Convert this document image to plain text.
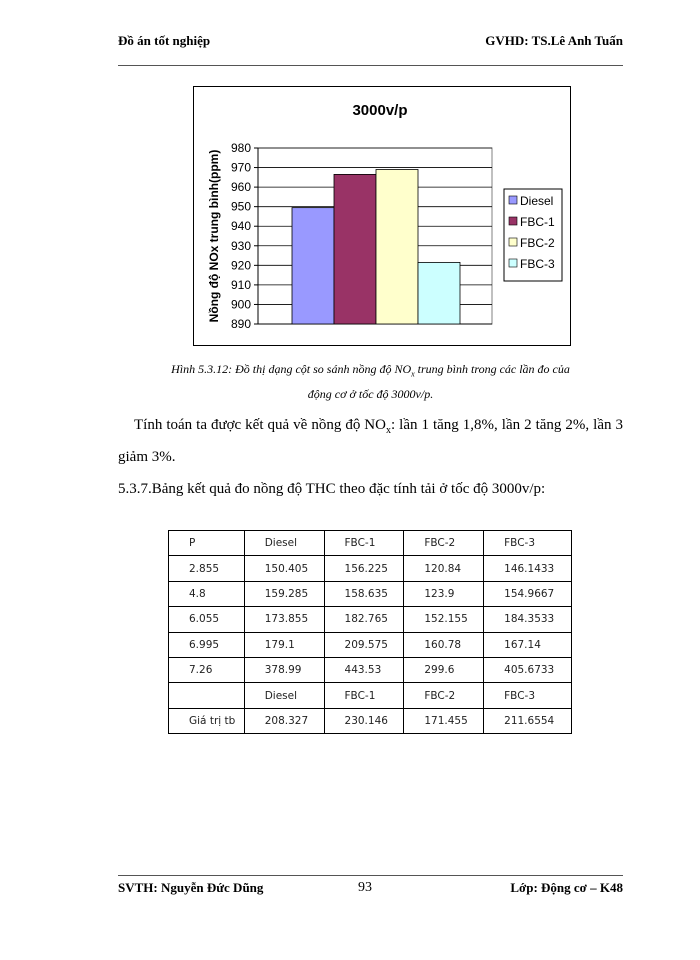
Đồ án tốt nghiệp	GVHD: TS.Lê Anh Tuấn
3000v/p
980
970
960
950
940
930
920
910
900
890
Nồng độ NOx trung bình(ppm)	Diesel
FBC-1
FBC-2
FBC-3
Hình 5.3.12: Đồ thị dạng cột so sánh nồng độ $NO_x$ trung bình trong các lần đo của
động cơ ở tốc độ 3000v/p.
Tính toán ta được kết quả về nồng độ $NO_x$: lần 1 tăng 1,8%, lần 2 tăng 2%, lần 3 giảm 3%.
5.3.7.Bảng kết quả đo nồng độ THC theo đặc tính tải ở tốc độ 3000v/p:
P	Diesel	FBC-1	FBC-2	FBC-3
2.855	150.405	156.225	120.84	146.1433
4.8	159.285	158.635	123.9	154.9667
6.055	173.855	182.765	152.155	184.3533
6.995	179.1	209.575	160.78	167.14
7.26	378.99	443.53	299.6	405.6733
	Diesel	FBC-1	FBC-2	FBC-3
Giá trị tb	208.327	230.146	171.455	211.6554
SVTH: Nguyễn Đức Dũng	93	Lớp: Động cơ – K48
